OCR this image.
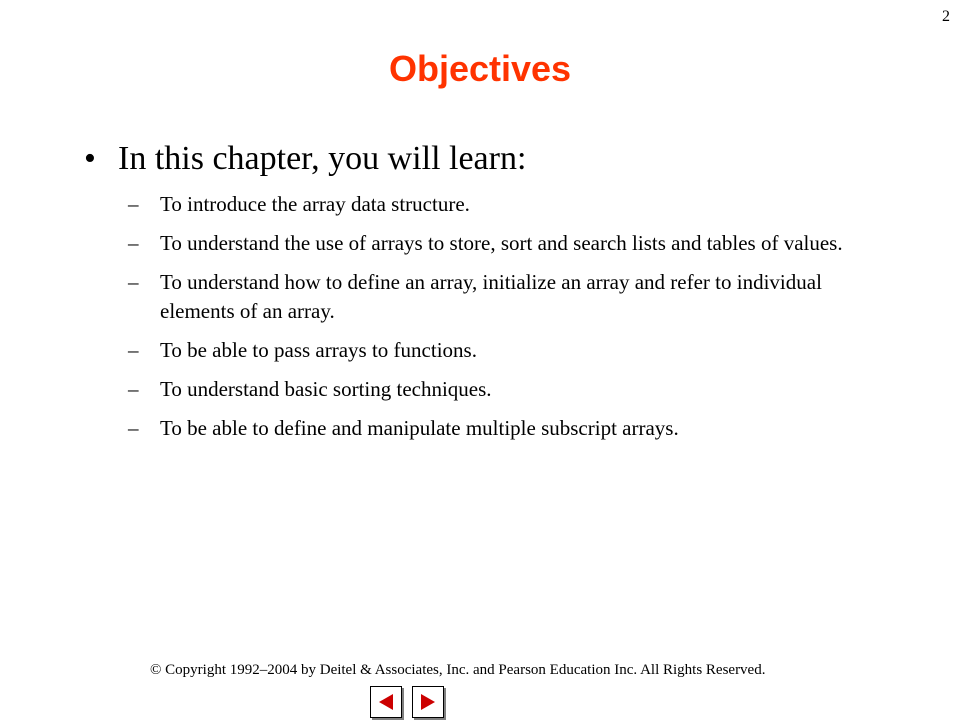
2
Objectives
• In this chapter, you will learn:
–	To introduce the array data structure.
–	To understand the use of arrays to store, sort and search lists and tables of values.
–	To understand how to define an array, initialize an array and refer to individual elements of an array.
–	To be able to pass arrays to functions.
–	To understand basic sorting techniques.
–	To be able to define and manipulate multiple subscript arrays.
© Copyright 1992–2004 by Deitel & Associates, Inc. and Pearson Education Inc. All Rights Reserved.
